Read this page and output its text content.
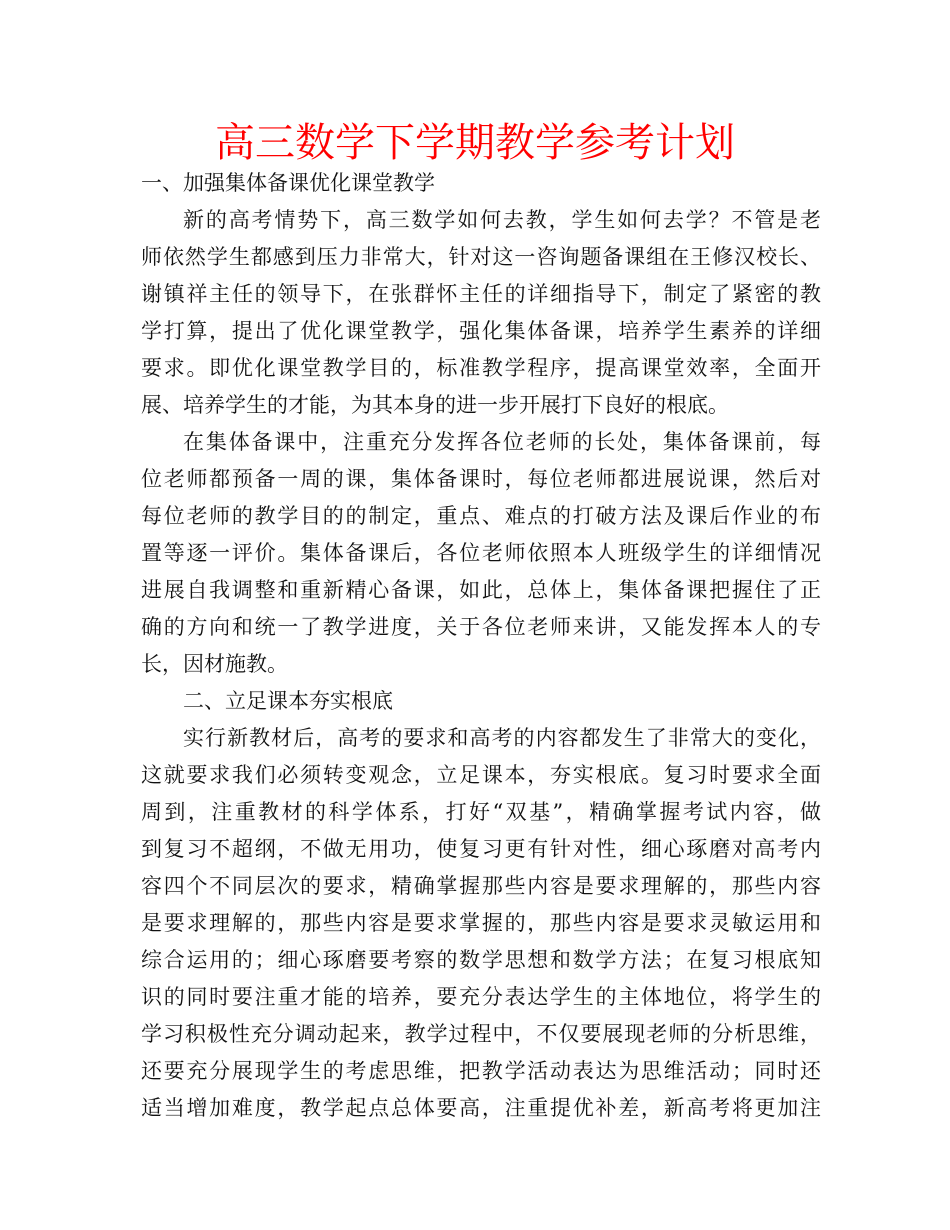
高三数学下学期教学参考计划
一、加强集体备课优化课堂教学
新的高考情势下，高三数学如何去教，学生如何去学？不管是老
师依然学生都感到压力非常大，针对这一咨询题备课组在王修汉校长、
谢镇祥主任的领导下，在张群怀主任的详细指导下，制定了紧密的教
学打算，提出了优化课堂教学，强化集体备课，培养学生素养的详细
要求。即优化课堂教学目的，标准教学程序，提高课堂效率，全面开
展、培养学生的才能，为其本身的进一步开展打下良好的根底。
在集体备课中，注重充分发挥各位老师的长处，集体备课前，每
位老师都预备一周的课，集体备课时，每位老师都进展说课，然后对
每位老师的教学目的的制定，重点、难点的打破方法及课后作业的布
置等逐一评价。集体备课后，各位老师依照本人班级学生的详细情况
进展自我调整和重新精心备课，如此，总体上，集体备课把握住了正
确的方向和统一了教学进度，关于各位老师来讲，又能发挥本人的专
长，因材施教。
二、立足课本夯实根底
实行新教材后，高考的要求和高考的内容都发生了非常大的变化，
这就要求我们必须转变观念，立足课本，夯实根底。复习时要求全面
周到，注重教材的科学体系，打好“双基”，精确掌握考试内容，做
到复习不超纲，不做无用功，使复习更有针对性，细心琢磨对高考内
容四个不同层次的要求，精确掌握那些内容是要求理解的，那些内容
是要求理解的，那些内容是要求掌握的，那些内容是要求灵敏运用和
综合运用的；细心琢磨要考察的数学思想和数学方法；在复习根底知
识的同时要注重才能的培养，要充分表达学生的主体地位，将学生的
学习积极性充分调动起来，教学过程中，不仅要展现老师的分析思维，
还要充分展现学生的考虑思维，把教学活动表达为思维活动；同时还
适当增加难度，教学起点总体要高，注重提优补差，新高考将更加注
